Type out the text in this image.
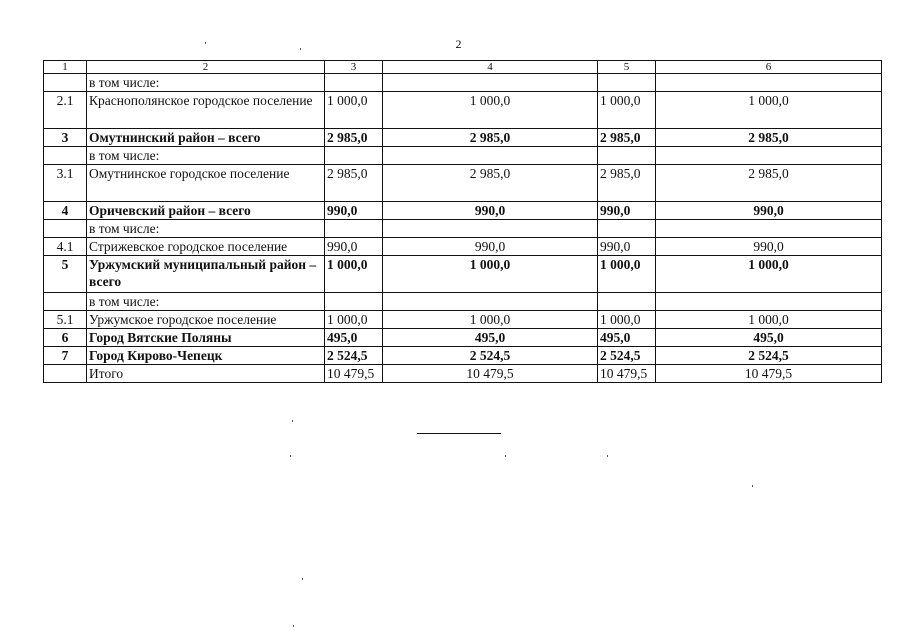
2
1	2	3	4	5	6
	в том числе:				
2.1	Краснополянское городское поселение	1 000,0	1 000,0	1 000,0	1 000,0
3	Омутнинский район – всего	2 985,0	2 985,0	2 985,0	2 985,0
	в том числе:				
3.1	Омутнинское городское поселение	2 985,0	2 985,0	2 985,0	2 985,0
4	Оричевский район – всего	990,0	990,0	990,0	990,0
	в том числе:				
4.1	Стрижевское городское поселение	990,0	990,0	990,0	990,0
5	Уржумский муниципальный район – всего	1 000,0	1 000,0	1 000,0	1 000,0
	в том числе:				
5.1	Уржумское городское поселение	1 000,0	1 000,0	1 000,0	1 000,0
6	Город Вятские Поляны	495,0	495,0	495,0	495,0
7	Город Кирово-Чепецк	2 524,5	2 524,5	2 524,5	2 524,5
	Итого	10 479,5	10 479,5	10 479,5	10 479,5
